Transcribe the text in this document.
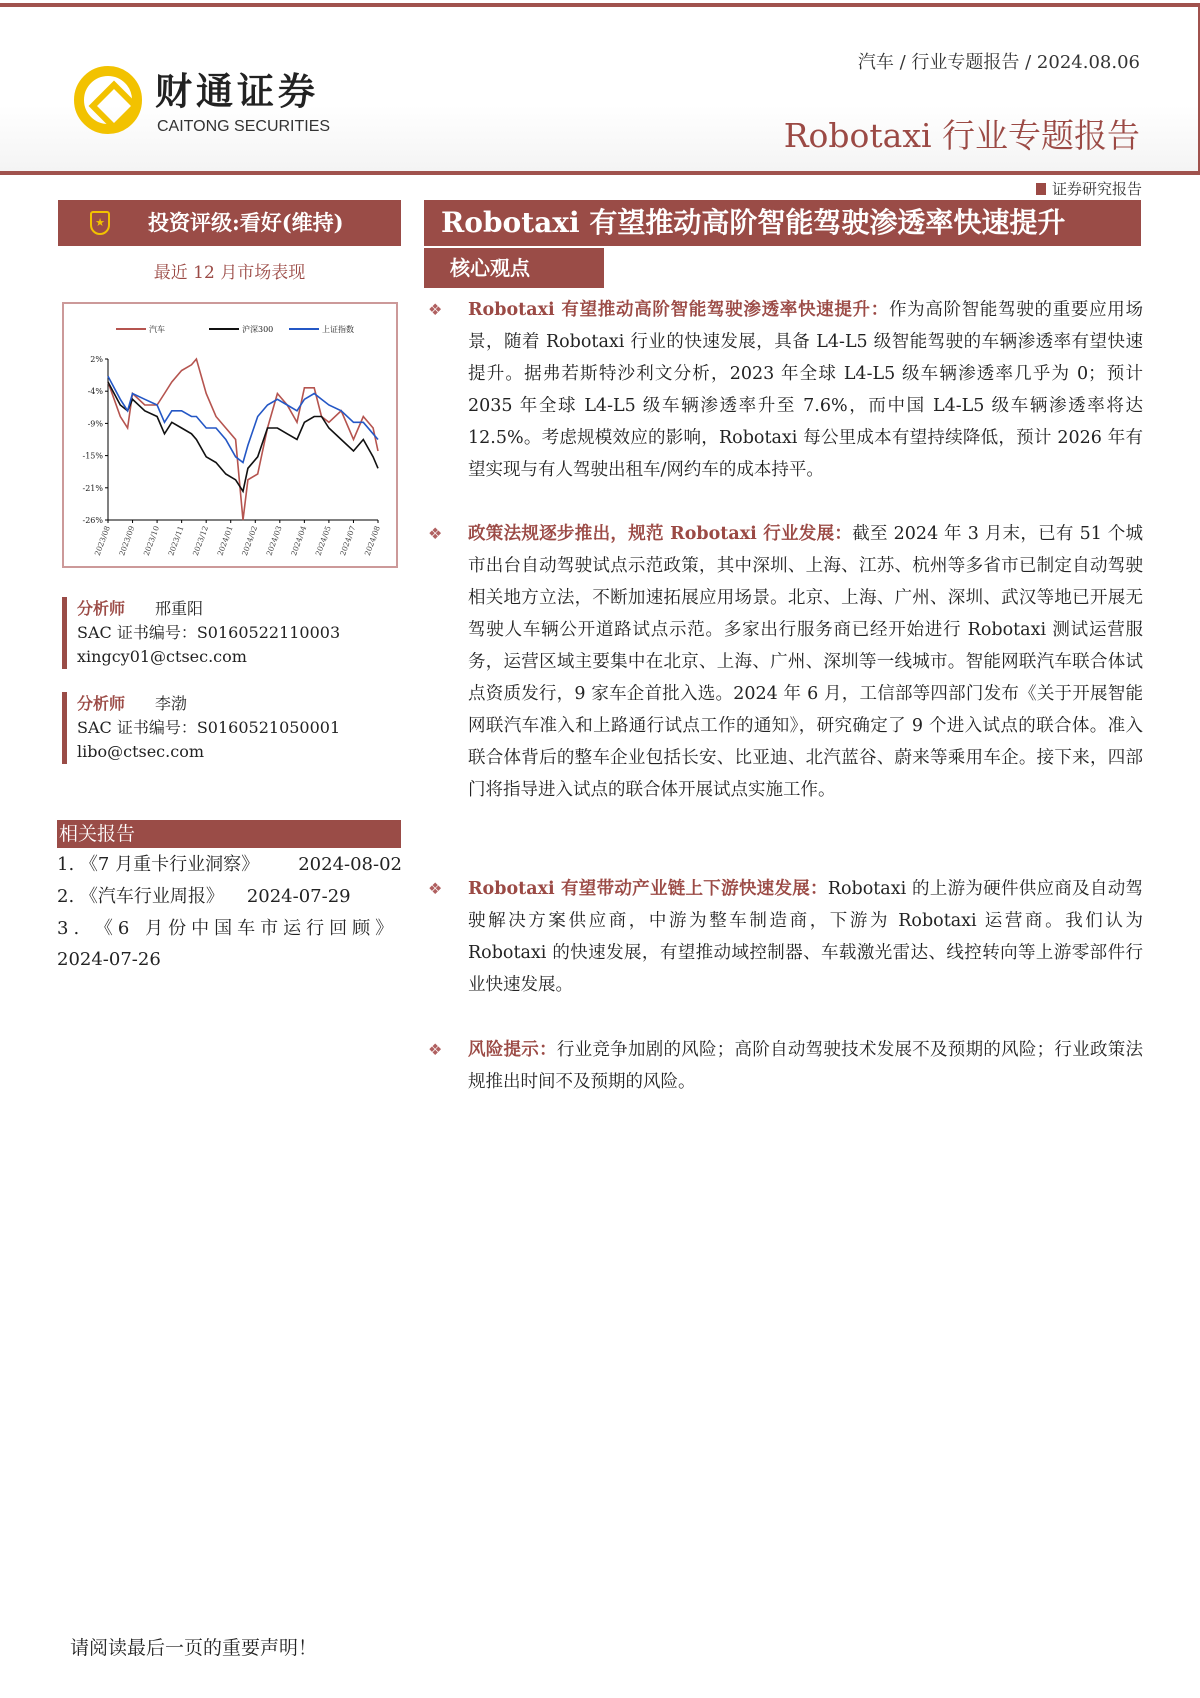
财通证券
CAITONG SECURITIES
汽车 / 行业专题报告 / 2024.08.06
Robotaxi 行业专题报告
证券研究报告
投资评级:看好(维持)
★
最近 12 月市场表现
2%
-4%
-9%
-15%
-21%
-26%
2023/08 2023/09 2023/10 2023/11 2023/12 2024/01 2024/02 2024/03 2024/04 2024/05 2024/07 2024/08
汽车	沪深300	上证指数
分析师 邢重阳
SAC 证书编号：S0160522110003
xingcy01@ctsec.com
分析师 李渤
SAC 证书编号：S0160521050001
libo@ctsec.com
相关报告
1. 《7 月重卡行业洞察》 2024-08-02
2. 《汽车行业周报》 2024-07-29
3. 《6 月份中国车市运行回顾》
2024-07-26
Robotaxi 有望推动高阶智能驾驶渗透率快速提升
核心观点
❖ Robotaxi 有望推动高阶智能驾驶渗透率快速提升：作为高阶智能驾驶的重要应用场景，随着 Robotaxi 行业的快速发展，具备 L4-L5 级智能驾驶的车辆渗透率有望快速提升。据弗若斯特沙利文分析，2023 年全球 L4-L5 级车辆渗透率几乎为 0；预计 2035 年全球 L4-L5 级车辆渗透率升至 7.6%，而中国 L4-L5 级车辆渗透率将达 12.5%。考虑规模效应的影响，Robotaxi 每公里成本有望持续降低，预计 2026 年有望实现与有人驾驶出租车/网约车的成本持平。
❖ 政策法规逐步推出，规范 Robotaxi 行业发展：截至 2024 年 3 月末，已有 51 个城市出台自动驾驶试点示范政策，其中深圳、上海、江苏、杭州等多省市已制定自动驾驶相关地方立法，不断加速拓展应用场景。北京、上海、广州、深圳、武汉等地已开展无驾驶人车辆公开道路试点示范。多家出行服务商已经开始进行 Robotaxi 测试运营服务，运营区域主要集中在北京、上海、广州、深圳等一线城市。智能网联汽车联合体试点资质发行，9 家车企首批入选。2024 年 6 月，工信部等四部门发布《关于开展智能网联汽车准入和上路通行试点工作的通知》，研究确定了 9 个进入试点的联合体。准入联合体背后的整车企业包括长安、比亚迪、北汽蓝谷、蔚来等乘用车企。接下来，四部门将指导进入试点的联合体开展试点实施工作。
❖ Robotaxi 有望带动产业链上下游快速发展：Robotaxi 的上游为硬件供应商及自动驾驶解决方案供应商，中游为整车制造商，下游为 Robotaxi 运营商。我们认为 Robotaxi 的快速发展，有望推动域控制器、车载激光雷达、线控转向等上游零部件行业快速发展。
❖ 风险提示：行业竞争加剧的风险；高阶自动驾驶技术发展不及预期的风险；行业政策法规推出时间不及预期的风险。
请阅读最后一页的重要声明！
